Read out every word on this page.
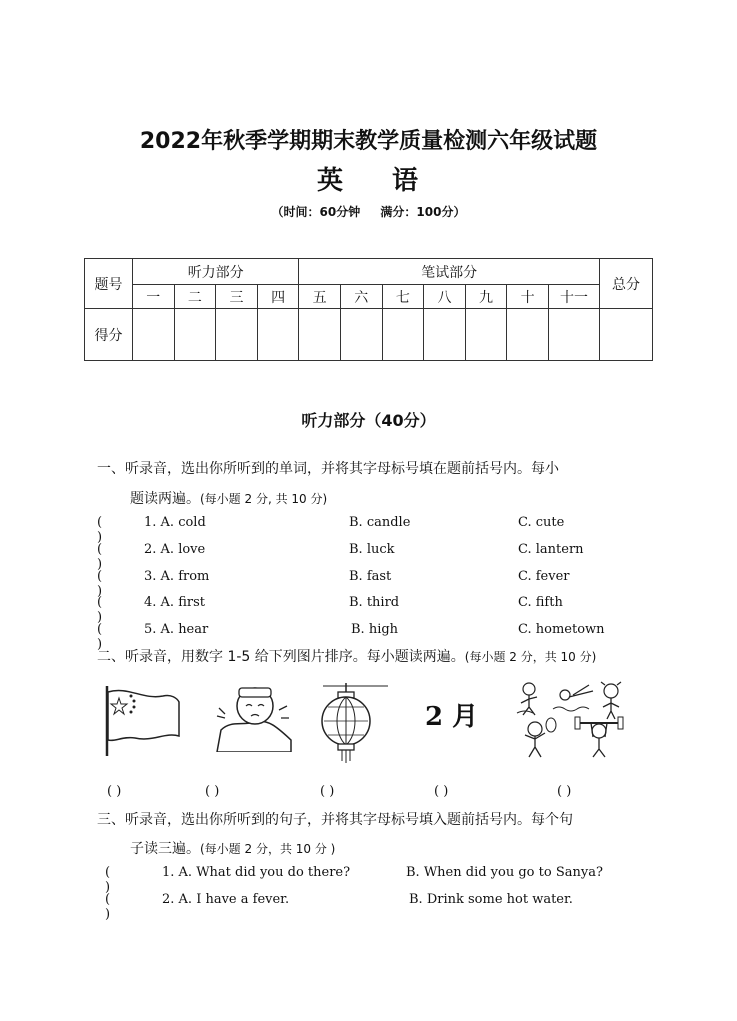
2022年秋季学期期末教学质量检测六年级试题
英 语
（时间：60分钟 满分：100分）
题号	听力部分				笔试部分							总分
	一	二	三	四	五	六	七	八	九	十	十一	
得分												
听力部分（40分）
一、听录音，选出你所听到的单词，并将其字母标号填在题前括号内。每小
题读两遍。(每小题 2 分, 共 10 分)
( )
1. A. cold	B. candle	C. cute
( )
2. A. love	B. luck	C. lantern
( )
3. A. from	B. fast	C. fever
( )
4. A. first	B. third	C. fifth
( )
5. A. hear	B. high	C. hometown
二、听录音，用数字 1-5 给下列图片排序。每小题读两遍。(每小题 2 分，共 10 分)
2 月
( )	( )	( )	( )	( )
三、听录音，选出你所听到的句子，并将其字母标号填入题前括号内。每个句
子读三遍。(每小题 2 分，共 10 分 )
( )
1. A. What did you do there?	B. When did you go to Sanya?
( )
2. A. I have a fever.	B. Drink some hot water.
